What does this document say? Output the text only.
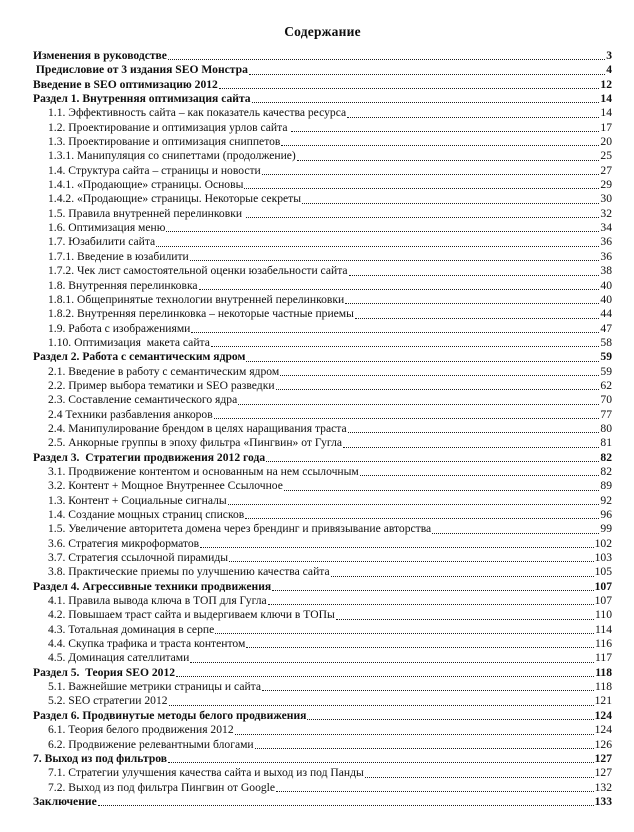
Содержание
Изменения в руководстве	3
Предисловие от 3 издания SEO Монстра	4
Введение в SEO оптимизацию 2012	12
Раздел 1. Внутренняя оптимизация сайта	14
1.1. Эффективность сайта – как показатель качества ресурса	14
1.2. Проектирование и оптимизация урлов сайта	17
1.3. Проектирование и оптимизация сниппетов	20
1.3.1. Манипуляция со снипеттами (продолжение)	25
1.4. Структура сайта – страницы и новости	27
1.4.1. «Продающие» страницы. Основы	29
1.4.2. «Продающие» страницы. Некоторые секреты	30
1.5. Правила внутренней перелинковки	32
1.6. Оптимизация меню	34
1.7. Юзабилити сайта	36
1.7.1. Введение в юзабилити	36
1.7.2. Чек лист самостоятельной оценки юзабельности сайта	38
1.8. Внутренняя перелинковка	40
1.8.1. Общепринятые технологии внутренней перелинковки	40
1.8.2. Внутренняя перелинковка – некоторые частные приемы	44
1.9. Работа с изображениями	47
1.10. Оптимизация  макета сайта	58
Раздел 2. Работа с семантическим ядром	59
2.1. Введение в работу с семантическим ядром	59
2.2. Пример выбора тематики и SEO разведки	62
2.3. Составление семантического ядра	70
2.4 Техники разбавления анкоров	77
2.4. Манипулирование брендом в целях наращивания траста	80
2.5. Анкорные группы в эпоху фильтра «Пингвин» от Гугла	81
Раздел 3.  Стратегии продвижения 2012 года	82
3.1. Продвижение контентом и основанным на нем ссылочным	82
3.2. Контент + Мощное Внутреннее Ссылочное	89
1.3. Контент + Социальные сигналы	92
1.4. Создание мощных страниц списков	96
1.5. Увеличение авторитета домена через брендинг и привязывание авторства	99
3.6. Стратегия микроформатов	102
3.7. Стратегия ссылочной пирамиды	103
3.8. Практические приемы по улучшению качества сайта	105
Раздел 4. Агрессивные техники продвижения	107
4.1. Правила вывода ключа в ТОП для Гугла	107
4.2. Повышаем траст сайта и выдергиваем ключи в ТОПы	110
4.3. Тотальная доминация в серпе	114
4.4. Скупка трафика и траста контентом	116
4.5. Доминация сателлитами	117
Раздел 5.  Теория SEO 2012	118
5.1. Важнейшие метрики страницы и сайта	118
5.2. SEO стратегии 2012	121
Раздел 6. Продвинутые методы белого продвижения	124
6.1. Теория белого продвижения 2012	124
6.2. Продвижение релевантными блогами	126
7. Выход из под фильтров	127
7.1. Стратегии улучшения качества сайта и выход из под Панды	127
7.2. Выход из под фильтра Пингвин от Google	132
Заключение	133
